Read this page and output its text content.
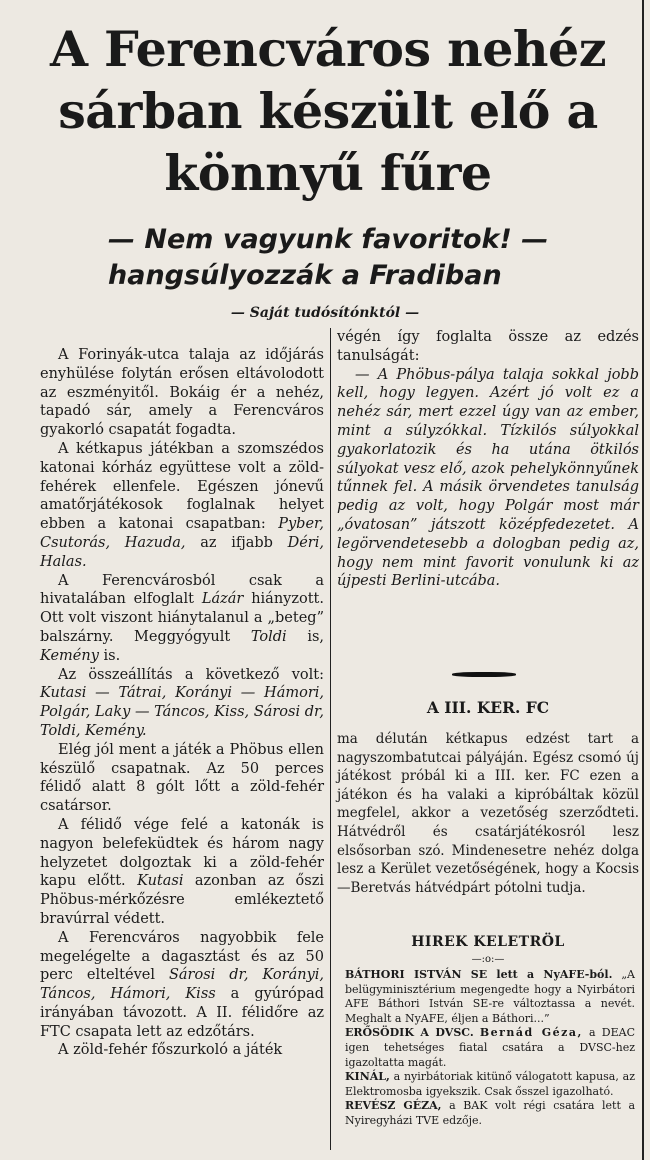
A Ferencváros nehéz sárban készült elő a könnyű fűre
— Nem vagyunk favoritok! — hangsúlyozzák a Fradiban
— Saját tudósítónktól —

A Forinyák-utca talaja az időjárás enyhülése folytán erősen eltávolodott az eszményitől. Bokáig ér a nehéz, tapadó sár, amely a Ferencváros gyakorló csapatát fogadta.

A kétkapus játékban a szomszédos katonai kórház együttese volt a zöld-fehérek ellenfele. Egészen jónevű amatőrjátékosok foglalnak helyet ebben a katonai csapatban: Pyber, Csutorás, Hazuda, az ifjabb Déri, Halas.

A Ferencvárosból csak a hivatalában elfoglalt Lázár hiányzott. Ott volt viszont hiánytalanul a „beteg” balszárny. Meggyógyult Toldi is, Kemény is.

Az összeállítás a következő volt: Kutasi — Tátrai, Korányi — Hámori, Polgár, Laky — Táncos, Kiss, Sárosi dr, Toldi, Kemény.

Elég jól ment a játék a Phöbus ellen készülő csapatnak. Az 50 perces félidő alatt 8 gólt lőtt a zöld-fehér csatársor.

A félidő vége felé a katonák is nagyon belefeküdtek és három nagy helyzetet dolgoztak ki a zöld-fehér kapu előtt. Kutasi azonban az őszi Phöbus-mérkőzésre emlékeztető bravúrral védett.

A Ferencváros nagyobbik fele megelégelte a dagasztást és az 50 perc elteltével Sárosi dr, Korányi, Táncos, Hámori, Kiss a gyúrópad irányában távozott. A II. félidőre az FTC csapata lett az edzőtárs.

A zöld-fehér főszurkoló a játék

végén így foglalta össze az edzés tanulságát:

— A Phöbus-pálya talaja sokkal jobb kell, hogy legyen. Azért jó volt ez a nehéz sár, mert ezzel úgy van az ember, mint a súlyzókkal. Tízkilós súlyokkal gyakorlatozik és ha utána ötkilós súlyokat vesz elő, azok pehelykönnyűnek tűnnek fel. A másik örvendetes tanulság pedig az volt, hogy Polgár most már „óvatosan” játszott középfedezetet. A legörvendetesebb a dologban pedig az, hogy nem mint favorit vonulunk ki az újpesti Berlini-utcába.

A III. KER. FC

ma délután kétkapus edzést tart a nagyszombatutcai pályáján. Egész csomó új játékost próbál ki a III. ker. FC ezen a játékon és ha valaki a kipróbáltak közül megfelel, akkor a vezetőség szerződteti. Hátvédről és csatárjátékosról lesz elsősorban szó. Mindenesetre nehéz dolga lesz a Kerület vezetőségének, hogy a Kocsis—Beretvás hátvédpárt pótolni tudja.

HIREK KELETRÖL
—:o:—

BÁTHORI ISTVÁN SE lett a NyAFE-ból. „A belügyminisztérium megengedte hogy a Nyirbátori AFE Báthori István SE-re változtassa a nevét. Meghalt a NyAFE, éljen a Báthori...”

ERŐSÖDIK A DVSC. Bernád Géza, a DEAC igen tehetséges fiatal csatára a DVSC-hez igazoltatta magát.

KINÁL, a nyirbátoriak kitünő válogatott kapusa, az Elektromosba igyekszik. Csak ősszel igazolható.

REVÉSZ GÉZA, a BAK volt régi csatára lett a Nyiregyházi TVE edzője.
